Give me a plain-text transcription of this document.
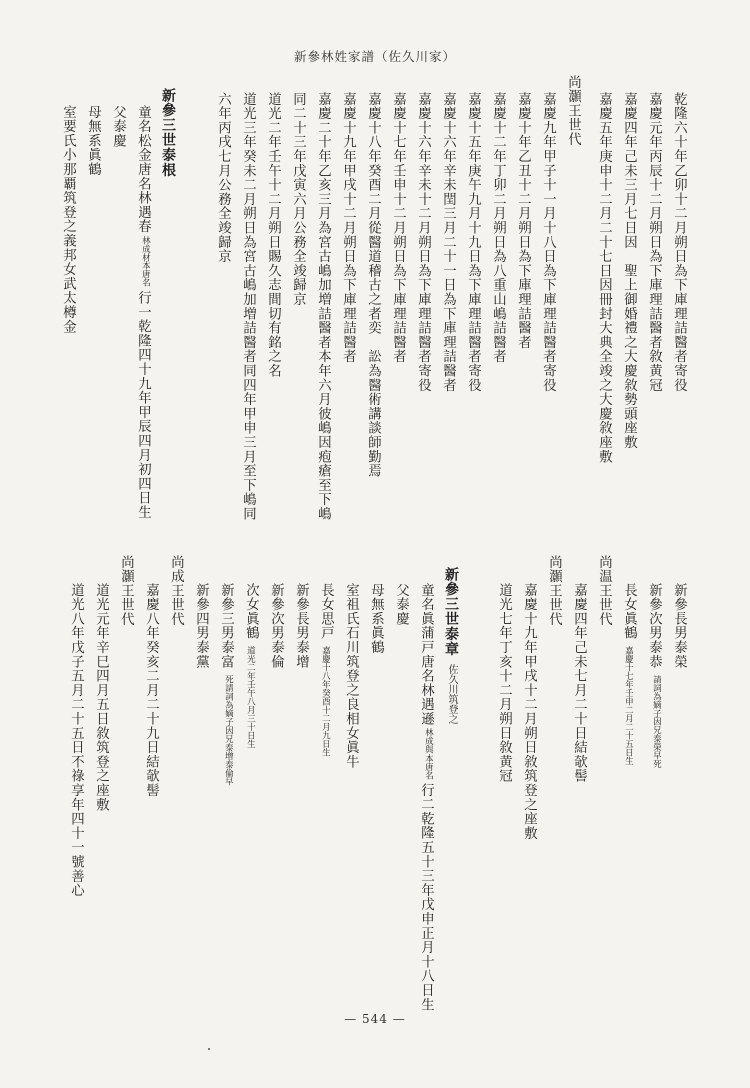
新參林姓家譜（佐久川家）
乾隆六十年乙卯十二月朔日為下庫理詰醫者寄役
嘉慶元年丙辰十二月朔日為下庫理詰醫者敘黄冠
嘉慶四年己未三月七日因　聖上御婚禮之大慶敘勢頭座敷
嘉慶五年庚申十二月二十七日因冊封大典全竣之大慶敘座敷
尚灝王世代
嘉慶九年甲子十一月十八日為下庫理詰醫者寄役
嘉慶十年乙丑十二月朔日為下庫理詰醫者
嘉慶十二年丁卯二月朔日為八重山嶋詰醫者
嘉慶十五年庚午九月十九日為下庫理詰醫者寄役
嘉慶十六年辛未閏三月二十一日為下庫理詰醫者
嘉慶十六年辛未十二月朔日為下庫理詰醫者寄役
嘉慶十七年壬申十二月朔日為下庫理詰醫者
嘉慶十八年癸酉二月從醫道稽古之者奕　訟為醫術講談師勤焉
嘉慶十九年甲戌十二月朔日為下庫理詰醫者
嘉慶二十年乙亥三月為宮古嶋加増詰醫者本年六月彼嶋因疱瘡至下嶋
同二十三年戊寅六月公務全竣歸京
道光二年壬午十二月朔日賜久志間切有銘之名
道光三年癸未二月朔日為宮古嶋加増詰醫者同四年甲申三月至下嶋同
六年丙戌七月公務全竣歸京
新參三世泰根
童名松金唐名林遇春
本唐名
林成材
行一乾隆四十九年甲辰四月初四日生
父泰慶
母無系眞鶴
室要氏小那覇筑登之義邦女武太樽金
新參長男泰榮
新參次男泰恭
因兄泰榮早死
請詞為嫡子
長女眞鶴嘉慶十七年壬申二月二十五日生
尚温王世代
嘉慶四年己未七月二十日結欹髻
尚灝王世代
嘉慶十九年甲戌十二月朔日敘筑登之座敷
道光七年丁亥十二月朔日敘黄冠
新參三世泰章佐久川筑登之
童名眞蒲戸唐名林遇遜
本唐名
林成與
行二乾隆五十三年戊申正月十八日生
父泰慶
母無系眞鶴
室祖氏石川筑登之良相女眞牛
長女思戸嘉慶十八年癸酉十二月九日生
新參長男泰增
新參次男泰倫
次女眞鶴道光二年壬午八月三十日生
新參三男泰富
因兄泰增泰倫早
死請詞為嫡子
新參四男泰黨
尚成王世代
嘉慶八年癸亥二月二十九日結欹髻
尚灝王世代
道光元年辛巳四月五日敘筑登之座敷
道光八年戊子五月二十五日不祿享年四十一號善心
— 544 —
